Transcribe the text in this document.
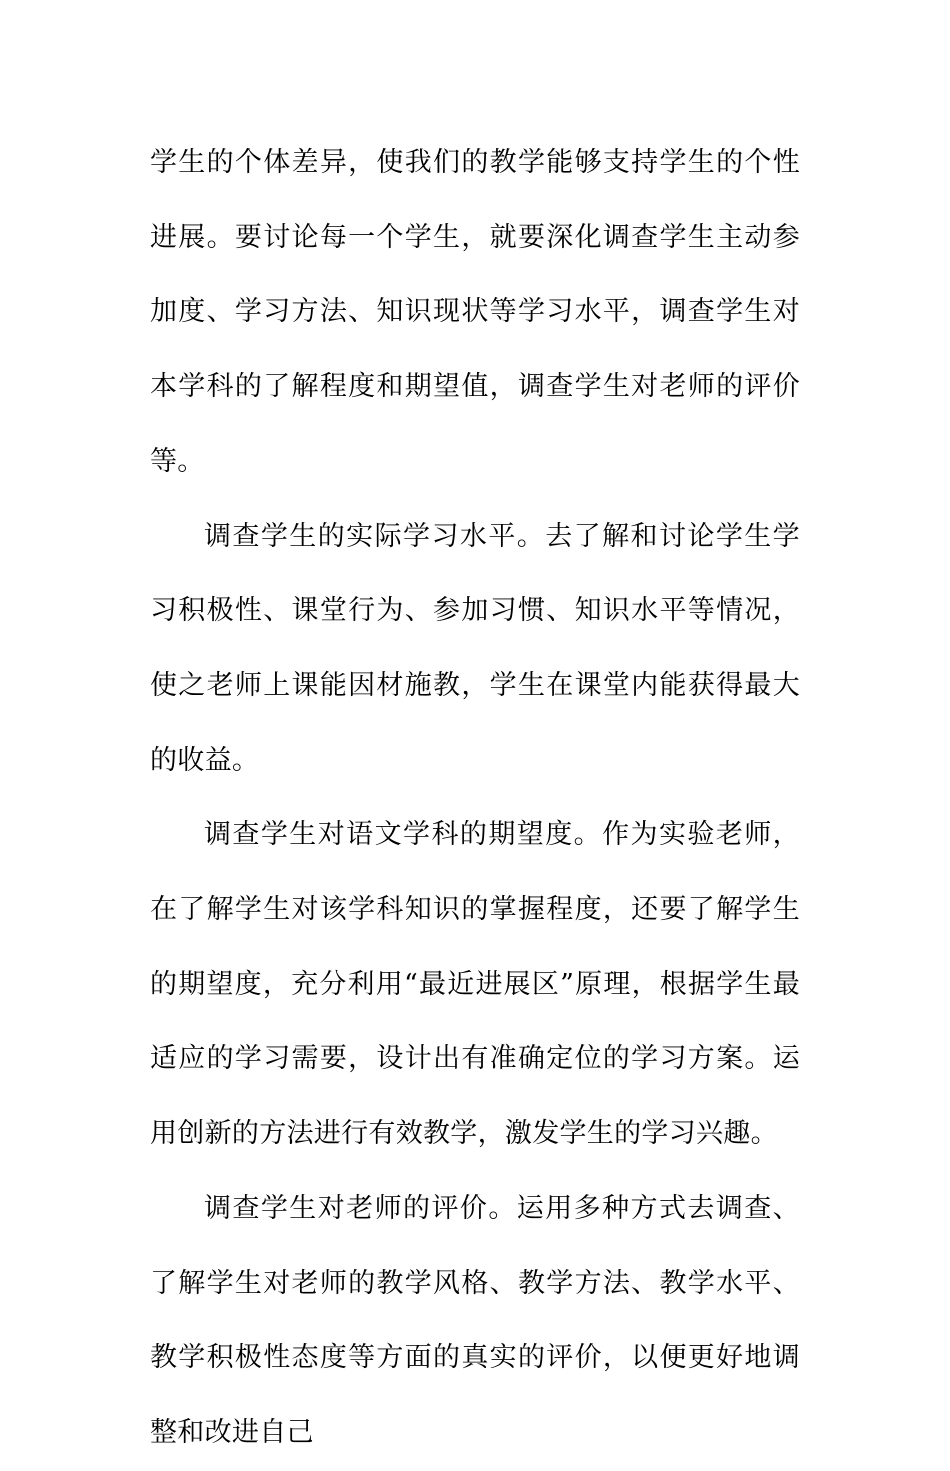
学生的个体差异，使我们的教学能够支持学生的个性进展。要讨论每一个学生，就要深化调查学生主动参加度、学习方法、知识现状等学习水平，调查学生对本学科的了解程度和期望值，调查学生对老师的评价等。

调查学生的实际学习水平。去了解和讨论学生学习积极性、课堂行为、参加习惯、知识水平等情况，使之老师上课能因材施教，学生在课堂内能获得最大的收益。

调查学生对语文学科的期望度。作为实验老师，在了解学生对该学科知识的掌握程度，还要了解学生的期望度，充分利用“最近进展区”原理，根据学生最适应的学习需要，设计出有准确定位的学习方案。运用创新的方法进行有效教学，激发学生的学习兴趣。

调查学生对老师的评价。运用多种方式去调查、了解学生对老师的教学风格、教学方法、教学水平、教学积极性态度等方面的真实的评价，以便更好地调整和改进自己
